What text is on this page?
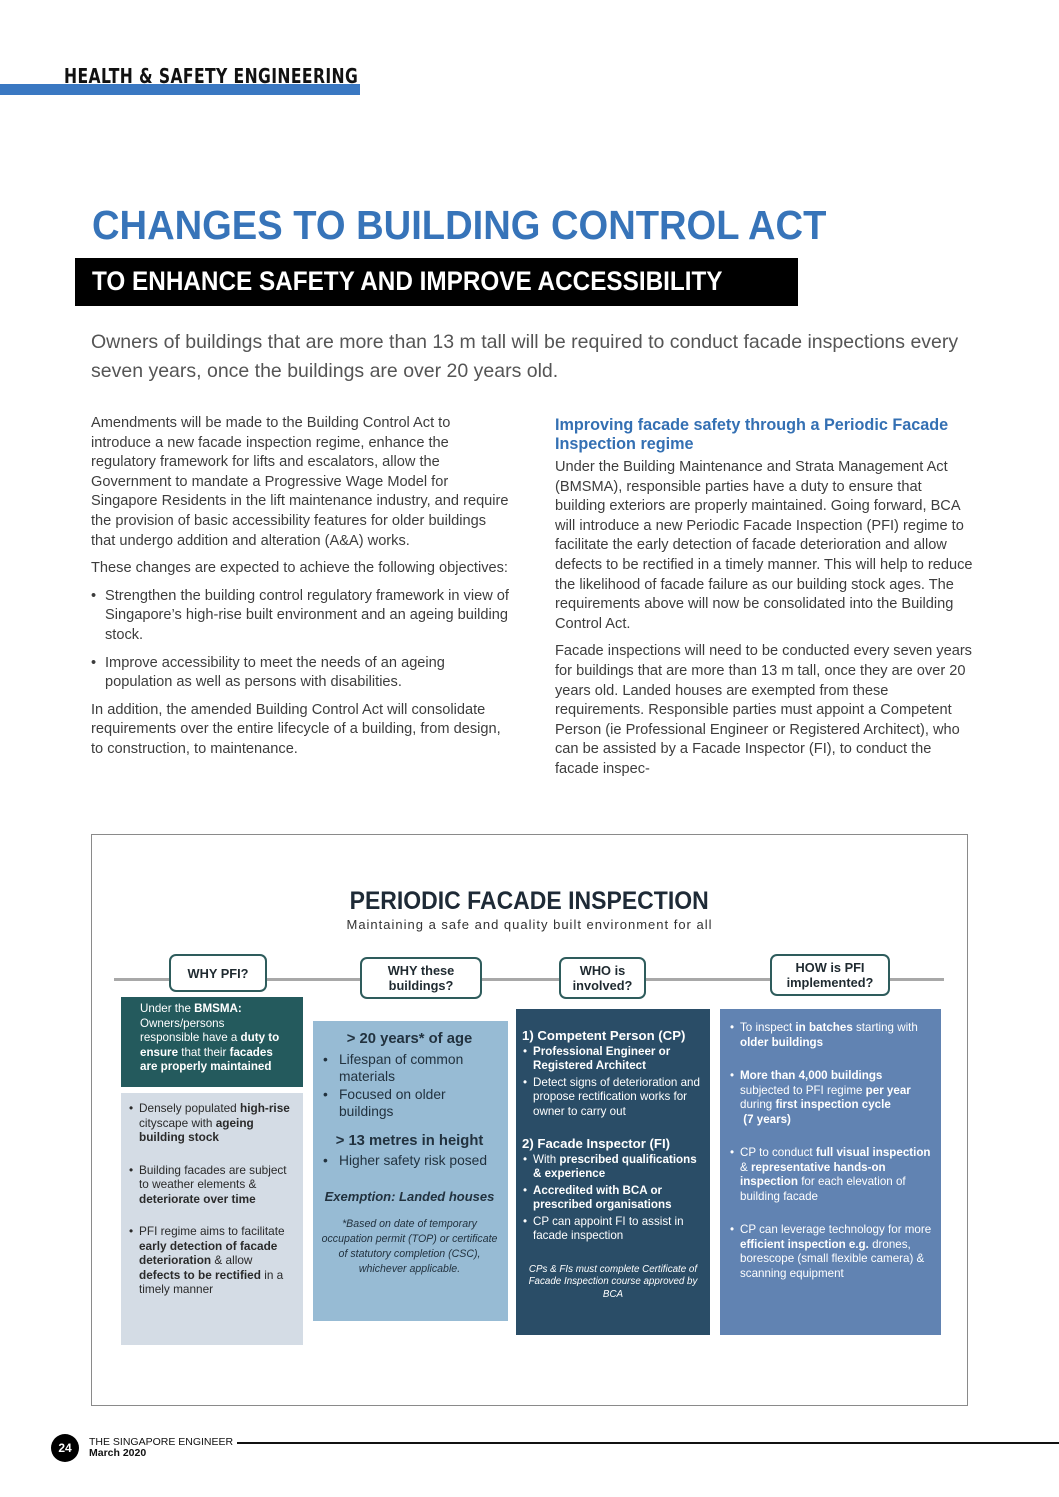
HEALTH & SAFETY ENGINEERING
CHANGES TO BUILDING CONTROL ACT
TO ENHANCE SAFETY AND IMPROVE ACCESSIBILITY

Owners of buildings that are more than 13 m tall will be required to conduct facade inspections every seven years, once the buildings are over 20 years old.

Amendments will be made to the Building Control Act to introduce a new facade inspection regime, enhance the regulatory framework for lifts and escalators, allow the Government to mandate a Progressive Wage Model for Singapore Residents in the lift maintenance industry, and require the provision of basic accessibility features for older buildings that undergo addition and alteration (A&A) works.

These changes are expected to achieve the following objectives:

• Strengthen the building control regulatory framework in view of Singapore’s high-rise built environment and an ageing building stock.
• Improve accessibility to meet the needs of an ageing population as well as persons with disabilities.

In addition, the amended Building Control Act will consolidate requirements over the entire lifecycle of a building, from design, to construction, to maintenance.

Improving facade safety through a Periodic Facade Inspection regime

Under the Building Maintenance and Strata Management Act (BMSMA), responsible parties have a duty to ensure that building exteriors are properly maintained. Going forward, BCA will introduce a new Periodic Facade Inspection (PFI) regime to facilitate the early detection of facade deterioration and allow defects to be rectified in a timely manner. This will help to reduce the likelihood of facade failure as our building stock ages. The requirements above will now be consolidated into the Building Control Act.

Facade inspections will need to be conducted every seven years for buildings that are more than 13 m tall, once they are over 20 years old. Landed houses are exempted from these requirements. Responsible parties must appoint a Competent Person (ie Professional Engineer or Registered Architect), who can be assisted by a Facade Inspector (FI), to conduct the facade inspec-

PERIODIC FACADE INSPECTION
Maintaining a safe and quality built environment for all
WHY PFI?	WHY these buildings?
WHO is involved?
HOW is PFI implemented?
Under the BMSMA: Owners/persons responsible have a duty to ensure that their facades are properly maintained
• Densely populated high-rise cityscape with ageing building stock
• Building facades are subject to weather elements & deteriorate over time
• PFI regime aims to facilitate early detection of facade deterioration & allow defects to be rectified in a timely manner
> 20 years* of age
• Lifespan of common materials
• Focused on older buildings
> 13 metres in height
• Higher safety risk posed
Exemption: Landed houses
*Based on date of temporary occupation permit (TOP) or certificate of statutory completion (CSC), whichever applicable.
1) Competent Person (CP)
• Professional Engineer or Registered Architect
• Detect signs of deterioration and propose rectification works for owner to carry out
2) Facade Inspector (FI)
• With prescribed qualifications & experience
• Accredited with BCA or prescribed organisations
• CP can appoint FI to assist in facade inspection
CPs & FIs must complete Certificate of Facade Inspection course approved by BCA
• To inspect in batches starting with older buildings
• More than 4,000 buildings subjected to PFI regime per year during first inspection cycle
(7 years)
• CP to conduct full visual inspection
& representative hands-on inspection for each elevation of building facade
• CP can leverage technology for more efficient inspection e.g. drones, borescope (small flexible camera) & scanning equipment
24	THE SINGAPORE ENGINEER
March 2020
